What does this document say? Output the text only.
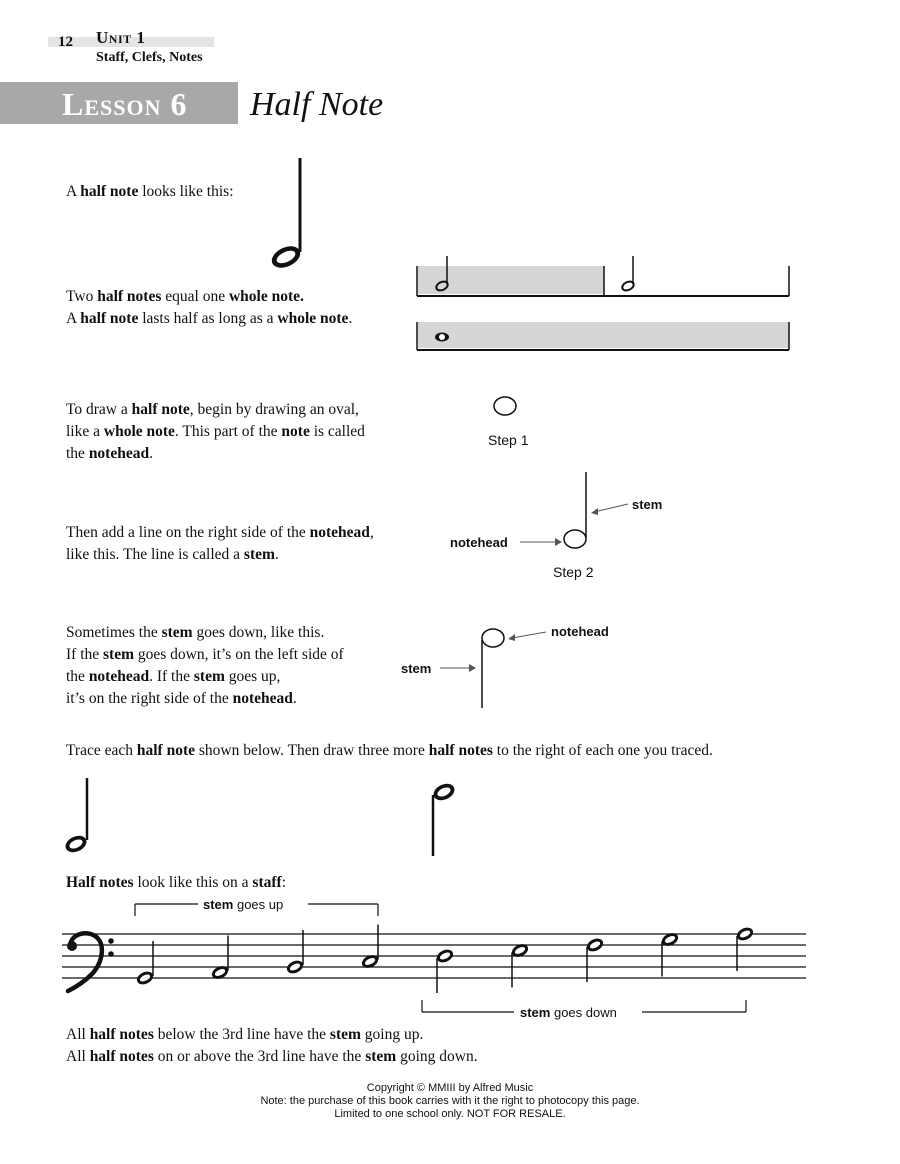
12 Unit 1
Staff, Clefs, Notes
Lesson 6 Half Note
A half note looks like this:
Two half notes equal one whole note.
A half note lasts half as long as a whole note.
To draw a half note, begin by drawing an oval,
like a whole note. This part of the note is called
the notehead.
Step 1
Then add a line on the right side of the notehead,
like this. The line is called a stem.
stem
notehead
Step 2
Sometimes the stem goes down, like this.
If the stem goes down, it’s on the left side of
the notehead. If the stem goes up,
it’s on the right side of the notehead.
notehead
stem
Trace each half note shown below. Then draw three more half notes to the right of each one you traced.
Half notes look like this on a staff:
stem goes up
stem goes down
All half notes below the 3rd line have the stem going up.
All half notes on or above the 3rd line have the stem going down.
Copyright © MMIII by Alfred Music
Note: the purchase of this book carries with it the right to photocopy this page.
Limited to one school only. NOT FOR RESALE.
